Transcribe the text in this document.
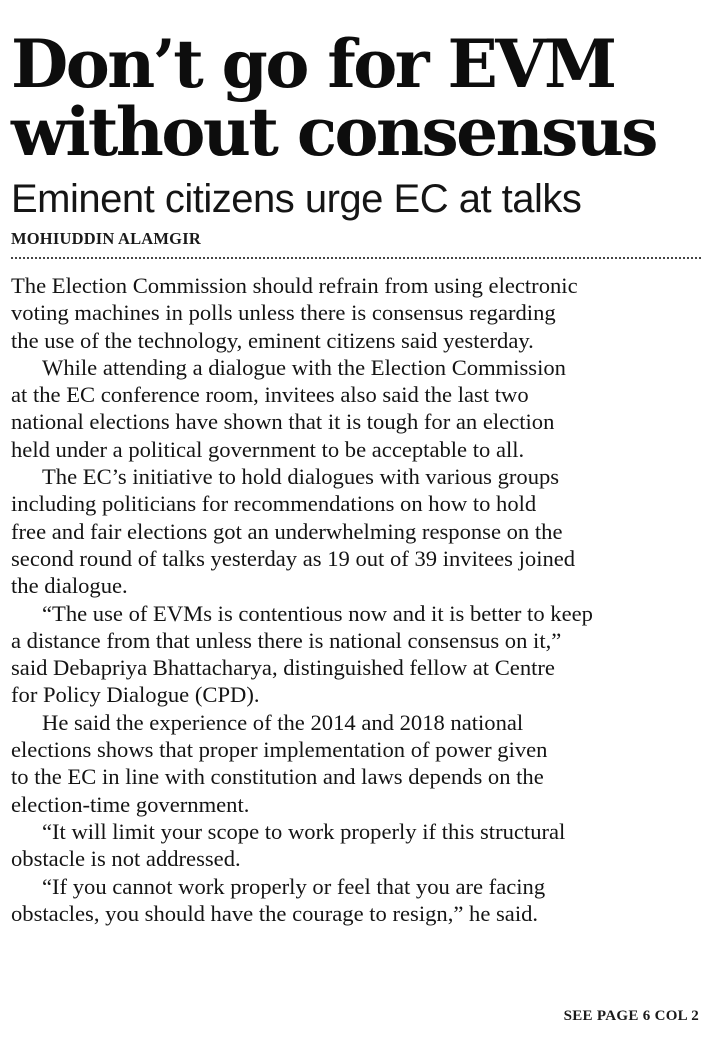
Don’t go for EVM
without consensus
Eminent citizens urge EC at talks
MOHIUDDIN ALAMGIR

The Election Commission should refrain from using electronic
voting machines in polls unless there is consensus regarding
the use of the technology, eminent citizens said yesterday.

While attending a dialogue with the Election Commission
at the EC conference room, invitees also said the last two
national elections have shown that it is tough for an election
held under a political government to be acceptable to all.

The EC’s initiative to hold dialogues with various groups
including politicians for recommendations on how to hold
free and fair elections got an underwhelming response on the
second round of talks yesterday as 19 out of 39 invitees joined
the dialogue.

“The use of EVMs is contentious now and it is better to keep
a distance from that unless there is national consensus on it,”
said Debapriya Bhattacharya, distinguished fellow at Centre
for Policy Dialogue (CPD).

He said the experience of the 2014 and 2018 national
elections shows that proper implementation of power given
to the EC in line with constitution and laws depends on the
election-time government.

“It will limit your scope to work properly if this structural
obstacle is not addressed.

“If you cannot work properly or feel that you are facing
obstacles, you should have the courage to resign,” he said.

SEE PAGE 6 COL 2
